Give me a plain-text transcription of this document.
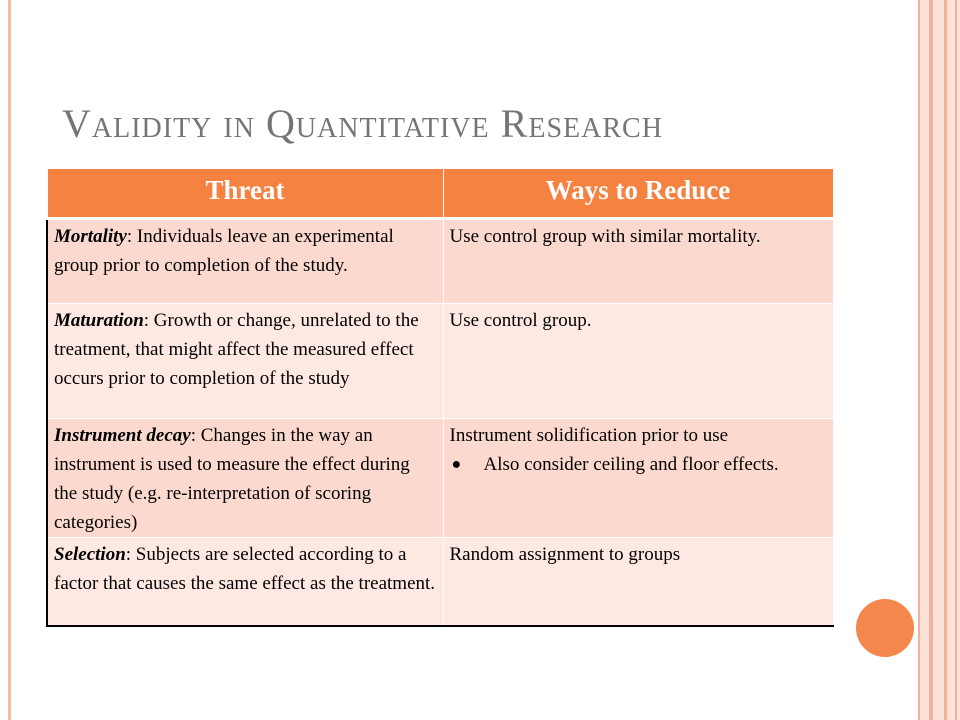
Validity in Quantitative Research
Threat	Ways to Reduce
Mortality: Individuals leave an experimental group prior to completion of the study.	Use control group with similar mortality.
Maturation: Growth or change, unrelated to the treatment, that might affect the measured effect occurs prior to completion of the study	Use control group.
Instrument decay: Changes in the way an instrument is used to measure the effect during the study (e.g. re-interpretation of scoring categories)	Instrument solidification prior to use
● Also consider ceiling and floor effects.

Selection: Subjects are selected according to a factor that causes the same effect as the treatment.	Random assignment to groups
